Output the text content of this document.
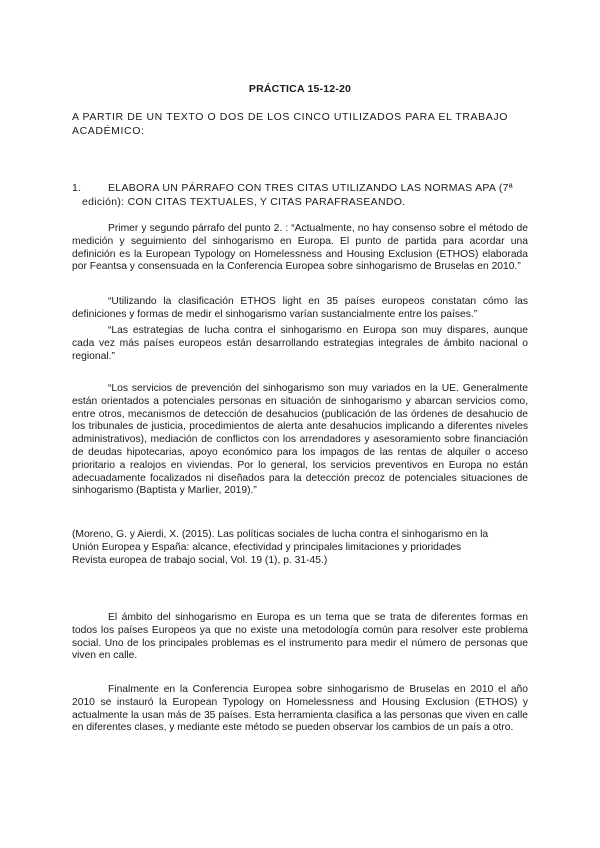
PRÁCTICA 15-12-20
A PARTIR DE UN TEXTO O DOS DE LOS CINCO UTILIZADOS PARA EL TRABAJO ACADÉMICO:
1.	ELABORA UN PÁRRAFO CON TRES CITAS UTILIZANDO LAS NORMAS APA (7ª
edición): CON CITAS TEXTUALES, Y CITAS PARAFRASEANDO.
Primer y segundo párrafo del punto 2. : “Actualmente, no hay consenso sobre el método de medición y seguimiento del sinhogarismo en Europa. El punto de partida para acordar una definición es la European Typology on Homelessness and Housing Exclusion (ETHOS) elaborada por Feantsa y consensuada en la Conferencia Europea sobre sinhogarismo de Bruselas en 2010.”
“Utilizando la clasificación ETHOS light en 35 países europeos constatan cómo las definiciones y formas de medir el sinhogarismo varían sustancialmente entre los países.”
“Las estrategias de lucha contra el sinhogarismo en Europa son muy dispares, aunque cada vez más países europeos están desarrollando estrategias integrales de ámbito nacional o regional.”
“Los servicios de prevención del sinhogarismo son muy variados en la UE. Generalmente están orientados a potenciales personas en situación de sinhogarismo y abarcan servicios como, entre otros, mecanismos de detección de desahucios (publicación de las órdenes de desahucio de los tribunales de justicia, procedimientos de alerta ante desahucios implicando a diferentes niveles administrativos), mediación de conflictos con los arrendadores y asesoramiento sobre financiación de deudas hipotecarias, apoyo económico para los impagos de las rentas de alquiler o acceso prioritario a realojos en viviendas. Por lo general, los servicios preventivos en Europa no están adecuadamente focalizados ni diseñados para la detección precoz de potenciales situaciones de sinhogarismo (Baptista y Marlier, 2019).”
(Moreno, G. y Aierdi, X. (2015). Las políticas sociales de lucha contra el sinhogarismo en la
Unión Europea y España: alcance, efectividad y principales limitaciones y prioridades
Revista europea de trabajo social, Vol. 19 (1), p. 31-45.)
El ámbito del sinhogarismo en Europa es un tema que se trata de diferentes formas en todos los países Europeos ya que no existe una metodología común para resolver este problema social. Uno de los principales problemas es el instrumento para medir el número de personas que viven en calle.
Finalmente en la Conferencia Europea sobre sinhogarismo de Bruselas en 2010 el año 2010 se instauró la European Typology on Homelessness and Housing Exclusion (ETHOS) y actualmente la usan más de 35 países. Esta herramienta clasifica a las personas que viven en calle en diferentes clases, y mediante este método se pueden observar los cambios de un país a otro.
